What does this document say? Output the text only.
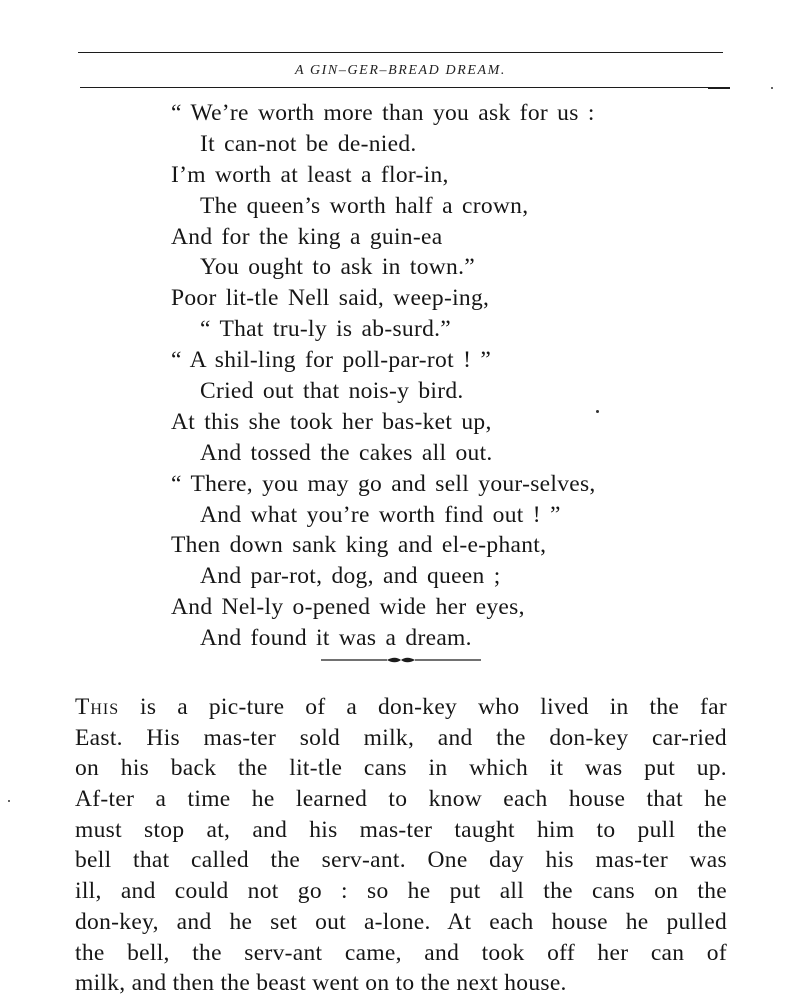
A GIN–GER–BREAD DREAM.
“ We’re worth more than you ask for us :
It can-not be de-nied.
I’m worth at least a flor-in,
The queen’s worth half a crown,
And for the king a guin-ea
You ought to ask in town.”
Poor lit-tle Nell said, weep-ing,
“ That tru-ly is ab-surd.”
“ A shil-ling for poll-par-rot ! ”
Cried out that nois-y bird.
At this she took her bas-ket up,
And tossed the cakes all out.
“ There, you may go and sell your-selves,
And what you’re worth find out ! ”
Then down sank king and el-e-phant,
And par-rot, dog, and queen ;
And Nel-ly o-pened wide her eyes,
And found it was a dream.
This is a pic-ture of a don-key who lived in the far
East. His mas-ter sold milk, and the don-key car-ried
on his back the lit-tle cans in which it was put up.
Af-ter a time he learned to know each house that he
must stop at, and his mas-ter taught him to pull the
bell that called the serv-ant. One day his mas-ter was
ill, and could not go : so he put all the cans on the
don-key, and he set out a-lone. At each house he pulled
the bell, the serv-ant came, and took off her can of
milk, and then the beast went on to the next house.
